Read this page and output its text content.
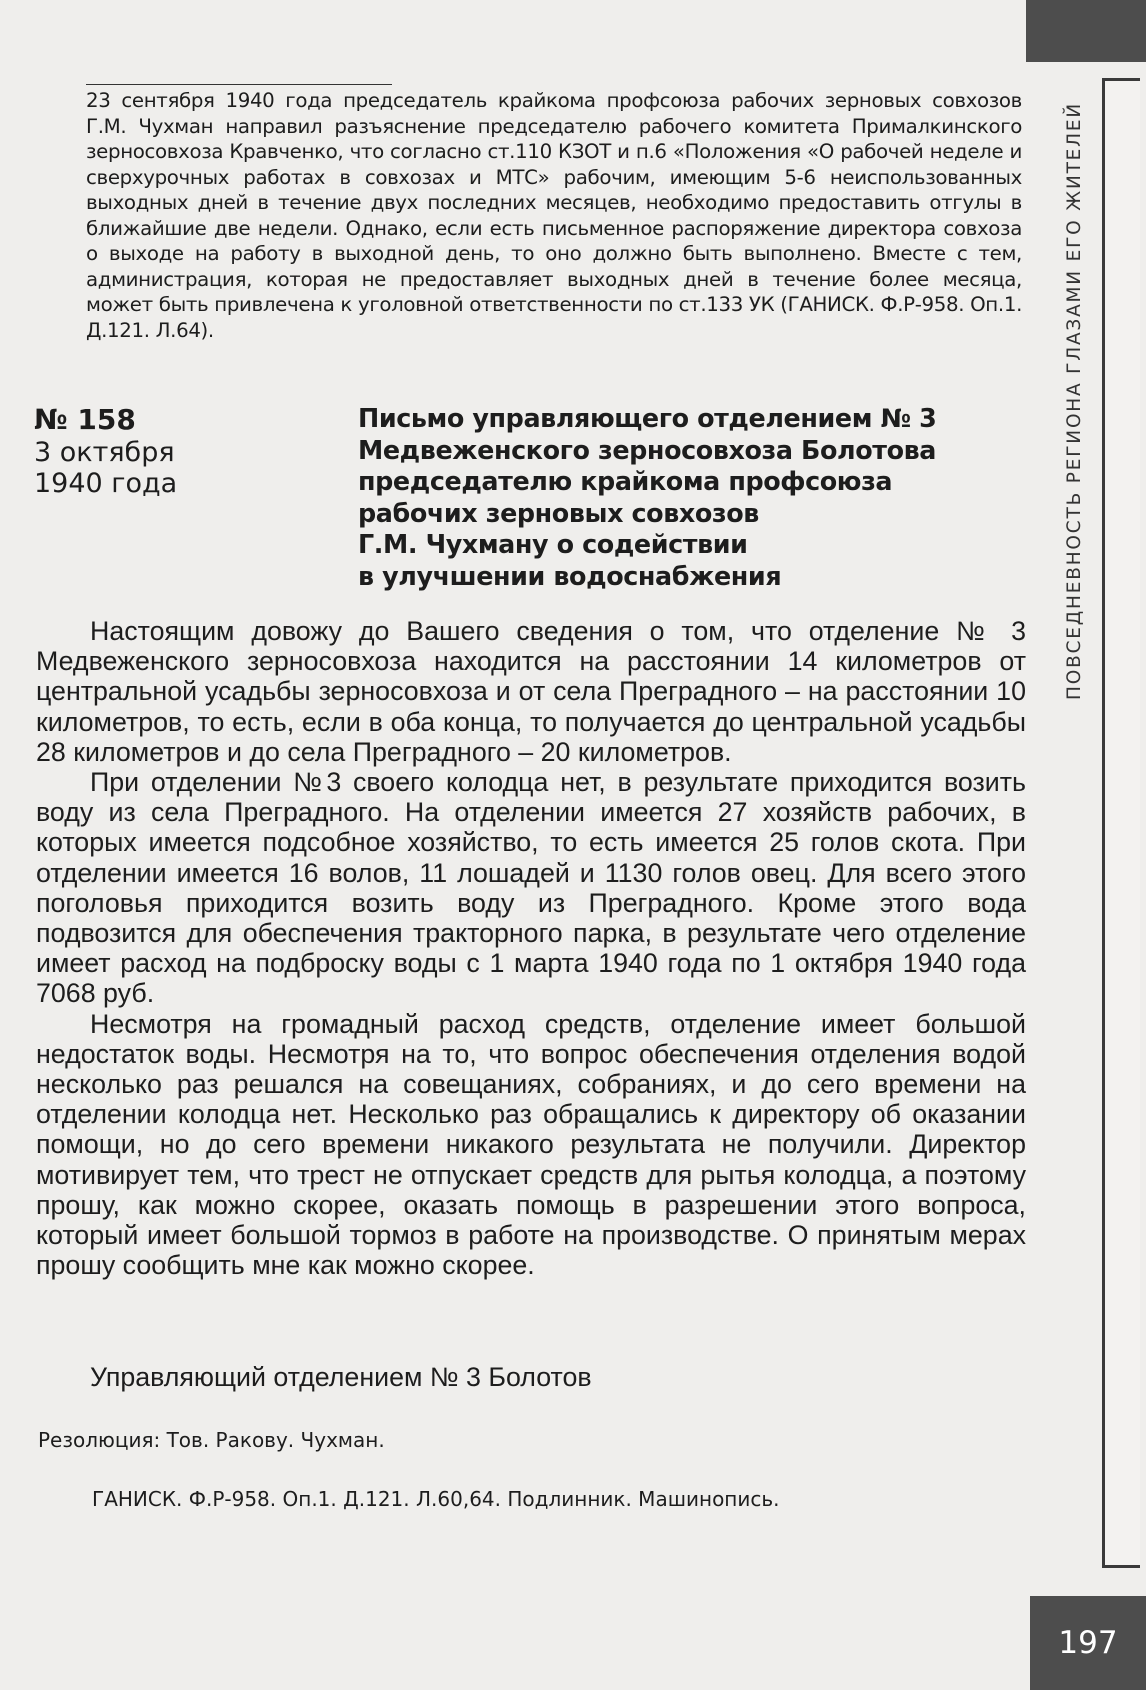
ПОВСЕДНЕВНОСТЬ РЕГИОНА ГЛАЗАМИ ЕГО ЖИТЕЛЕЙ
23 сентября 1940 года председатель крайкома профсоюза рабочих зерновых совхозов Г.М. Чухман направил разъяснение председателю рабочего комитета Прималкинского зерносовхоза Кравченко, что согласно ст.110 КЗОТ и п.6 «Положения «О рабочей неделе и сверхурочных работах в совхозах и МТС» рабочим, имеющим 5-6 неиспользованных выходных дней в течение двух последних месяцев, необходимо предоставить отгулы в ближайшие две недели. Однако, если есть письменное распоряжение директора совхоза о выходе на работу в выходной день, то оно должно быть выполнено. Вместе с тем, администрация, которая не предоставляет выходных дней в течение более месяца, может быть привлечена к уголовной ответственности по ст.133 УК (ГАНИСК. Ф.Р-958. Оп.1. Д.121. Л.64).
№ 158
3 октября
1940 года
Письмо управляющего отделением № 3
Медвеженского зерносовхоза Болотова
председателю крайкома профсоюза
рабочих зерновых совхозов
Г.М. Чухману о содействии
в улучшении водоснабжения

Настоящим довожу до Вашего сведения о том, что отделение № 3 Медвеженского зерносовхоза находится на расстоянии 14 километров от центральной усадьбы зерносовхоза и от села Преградного – на расстоянии 10 километров, то есть, если в оба конца, то получается до центральной усадьбы 28 километров и до села Преградного – 20 километров.

При отделении №3 своего колодца нет, в результате приходится возить воду из села Преградного. На отделении имеется 27 хозяйств рабочих, в которых имеется подсобное хозяйство, то есть имеется 25 голов скота. При отделении имеется 16 волов, 11 лошадей и 1130 голов овец. Для всего этого поголовья приходится возить воду из Преградного. Кроме этого вода подвозится для обеспечения тракторного парка, в результате чего отделение имеет расход на подброску воды с 1 марта 1940 года по 1 октября 1940 года 7068 руб.

Несмотря на громадный расход средств, отделение имеет большой недостаток воды. Несмотря на то, что вопрос обеспечения отделения водой несколько раз решался на совещаниях, собраниях, и до сего времени на отделении колодца нет. Несколько раз обращались к директору об оказании помощи, но до сего времени никакого результата не получили. Директор мотивирует тем, что трест не отпускает средств для рытья колодца, а поэтому прошу, как можно скорее, оказать помощь в разрешении этого вопроса, который имеет большой тормоз в работе на производстве. О принятым мерах прошу сообщить мне как можно скорее.

Управляющий отделением № 3 Болотов
Резолюция: Тов. Ракову. Чухман.
ГАНИСК. Ф.Р-958. Оп.1. Д.121. Л.60,64. Подлинник. Машинопись.
197
